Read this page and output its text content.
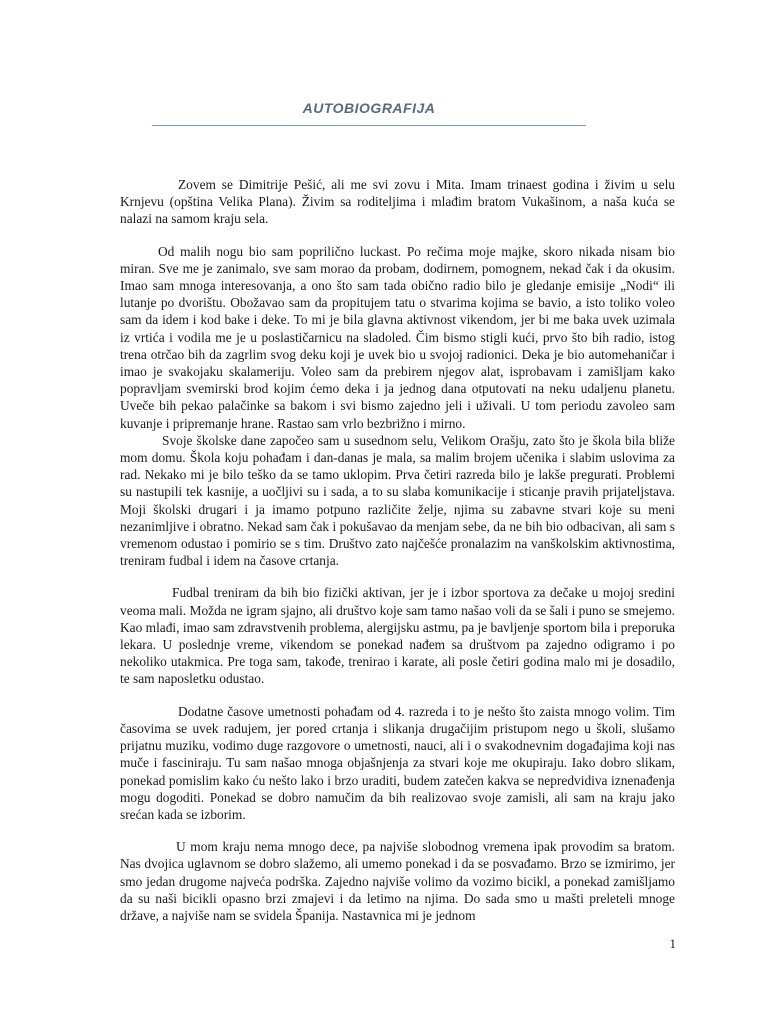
AUTOBIOGRAFIJA

Zovem se Dimitrije Pešić, ali me svi zovu i Mita. Imam trinaest godina i živim u selu Krnjevu (opština Velika Plana). Živim sa roditeljima i mlađim bratom Vukašinom, a naša kuća se nalazi na samom kraju sela.

Od malih nogu bio sam poprilično luckast. Po rečima moje majke, skoro nikada nisam bio miran. Sve me je zanimalo, sve sam morao da probam, dodirnem, pomognem, nekad čak i da okusim. Imao sam mnoga interesovanja, a ono što sam tada obično radio bilo je gledanje emisije „Nodi“ ili lutanje po dvorištu. Obožavao sam da propitujem tatu o stvarima kojima se bavio, a isto toliko voleo sam da idem i kod bake i deke. To mi je bila glavna aktivnost vikendom, jer bi me baka uvek uzimala iz vrtića i vodila me je u poslastičarnicu na sladoled. Čim bismo stigli kući, prvo što bih radio, istog trena otrčao bih da zagrlim svog deku koji je uvek bio u svojoj radionici. Deka je bio automehaničar i imao je svakojaku skalameriju. Voleo sam da prebirem njegov alat, isprobavam i zamišljam kako popravljam svemirski brod kojim ćemo deka i ja jednog dana otputovati na neku udaljenu planetu. Uveče bih pekao palačinke sa bakom i svi bismo zajedno jeli i uživali. U tom periodu zavoleo sam kuvanje i pripremanje hrane. Rastao sam vrlo bezbrižno i mirno.

Svoje školske dane započeo sam u susednom selu, Velikom Orašju, zato što je škola bila bliže mom domu. Škola koju pohađam i dan-danas je mala, sa malim brojem učenika i slabim uslovima za rad. Nekako mi je bilo teško da se tamo uklopim. Prva četiri razreda bilo je lakše pregurati. Problemi su nastupili tek kasnije, a uočljivi su i sada, a to su slaba komunikacije i sticanje pravih prijateljstava. Moji školski drugari i ja imamo potpuno različite želje, njima su zabavne stvari koje su meni nezanimljive i obratno. Nekad sam čak i pokušavao da menjam sebe, da ne bih bio odbacivan, ali sam s vremenom odustao i pomirio se s tim. Društvo zato najčešće pronalazim na vanškolskim aktivnostima, treniram fudbal i idem na časove crtanja.

Fudbal treniram da bih bio fizički aktivan, jer je i izbor sportova za dečake u mojoj sredini veoma mali. Možda ne igram sjajno, ali društvo koje sam tamo našao voli da se šali i puno se smejemo. Kao mlađi, imao sam zdravstvenih problema, alergijsku astmu, pa je bavljenje sportom bila i preporuka lekara. U poslednje vreme, vikendom se ponekad nađem sa društvom pa zajedno odigramo i po nekoliko utakmica. Pre toga sam, takođe, trenirao i karate, ali posle četiri godina malo mi je dosadilo, te sam naposletku odustao.

Dodatne časove umetnosti pohađam od 4. razreda i to je nešto što zaista mnogo volim. Tim časovima se uvek radujem, jer pored crtanja i slikanja drugačijim pristupom nego u školi, slušamo prijatnu muziku, vodimo duge razgovore o umetnosti, nauci, ali i o svakodnevnim događajima koji nas muče i fasciniraju. Tu sam našao mnoga objašnjenja za stvari koje me okupiraju. Iako dobro slikam, ponekad pomislim kako ću nešto lako i brzo uraditi, budem zatečen kakva se nepredvidiva iznenađenja mogu dogoditi. Ponekad se dobro namučim da bih realizovao svoje zamisli, ali sam na kraju jako srećan kada se izborim.

U mom kraju nema mnogo dece, pa najviše slobodnog vremena ipak provodim sa bratom. Nas dvojica uglavnom se dobro slažemo, ali umemo ponekad i da se posvađamo. Brzo se izmirimo, jer smo jedan drugome najveća podrška. Zajedno najviše volimo da vozimo bicikl, a ponekad zamišljamo da su naši bicikli opasno brzi zmajevi i da letimo na njima. Do sada smo u mašti preleteli mnoge države, a najviše nam se svidela Španija. Nastavnica mi je jednom

1
